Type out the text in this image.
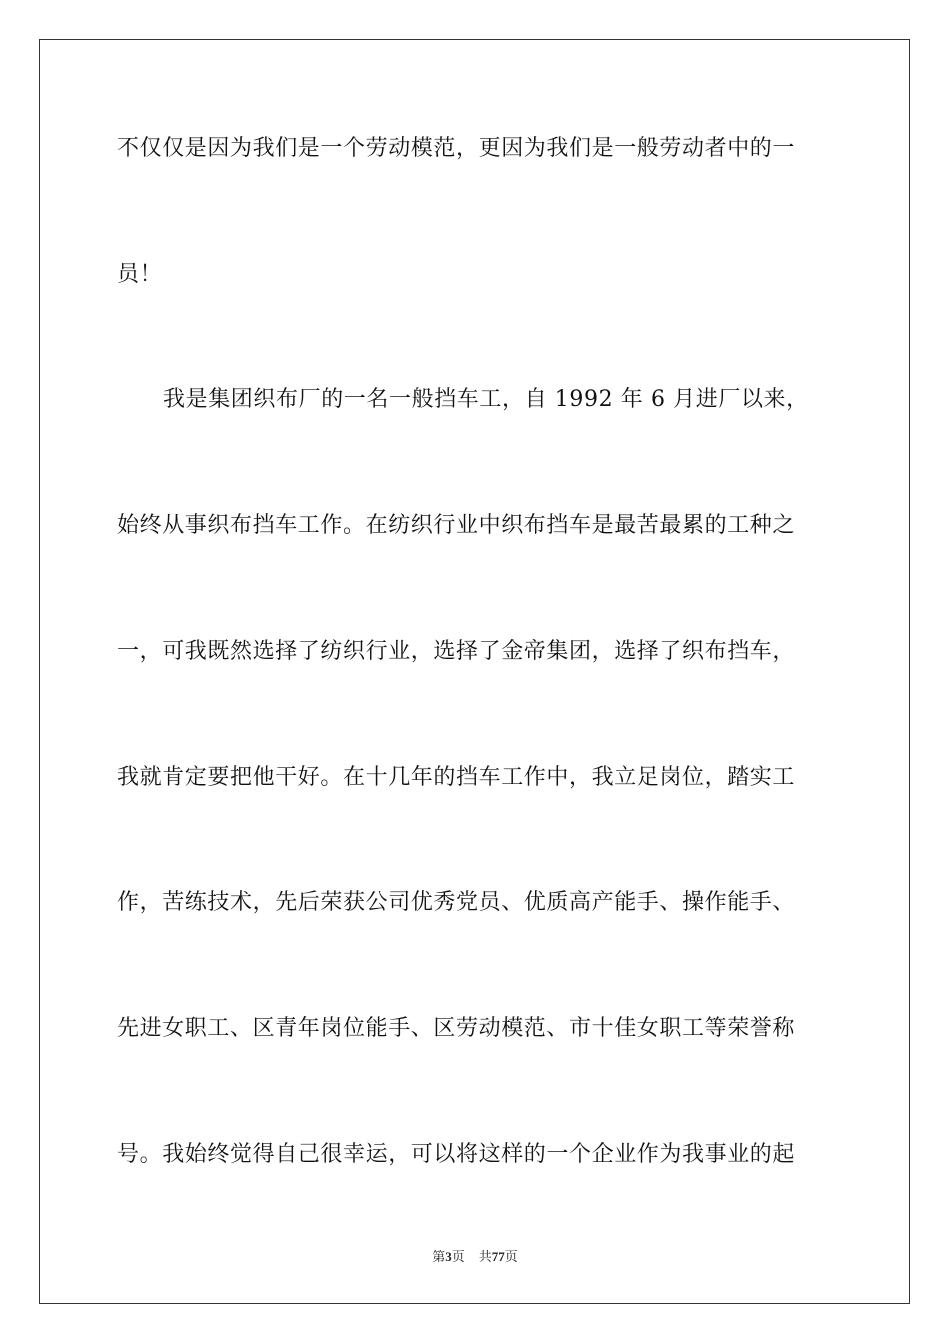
不仅仅是因为我们是一个劳动模范，更因为我们是一般劳动者中的一
员！
我是集团织布厂的一名一般挡车工，自 1992 年 6 月进厂以来，
始终从事织布挡车工作。在纺织行业中织布挡车是最苦最累的工种之
一，可我既然选择了纺织行业，选择了金帝集团，选择了织布挡车，
我就肯定要把他干好。在十几年的挡车工作中，我立足岗位，踏实工
作，苦练技术，先后荣获公司优秀党员、优质高产能手、操作能手、
先进女职工、区青年岗位能手、区劳动模范、市十佳女职工等荣誉称
号。我始终觉得自己很幸运，可以将这样的一个企业作为我事业的起
第3页 共77页
